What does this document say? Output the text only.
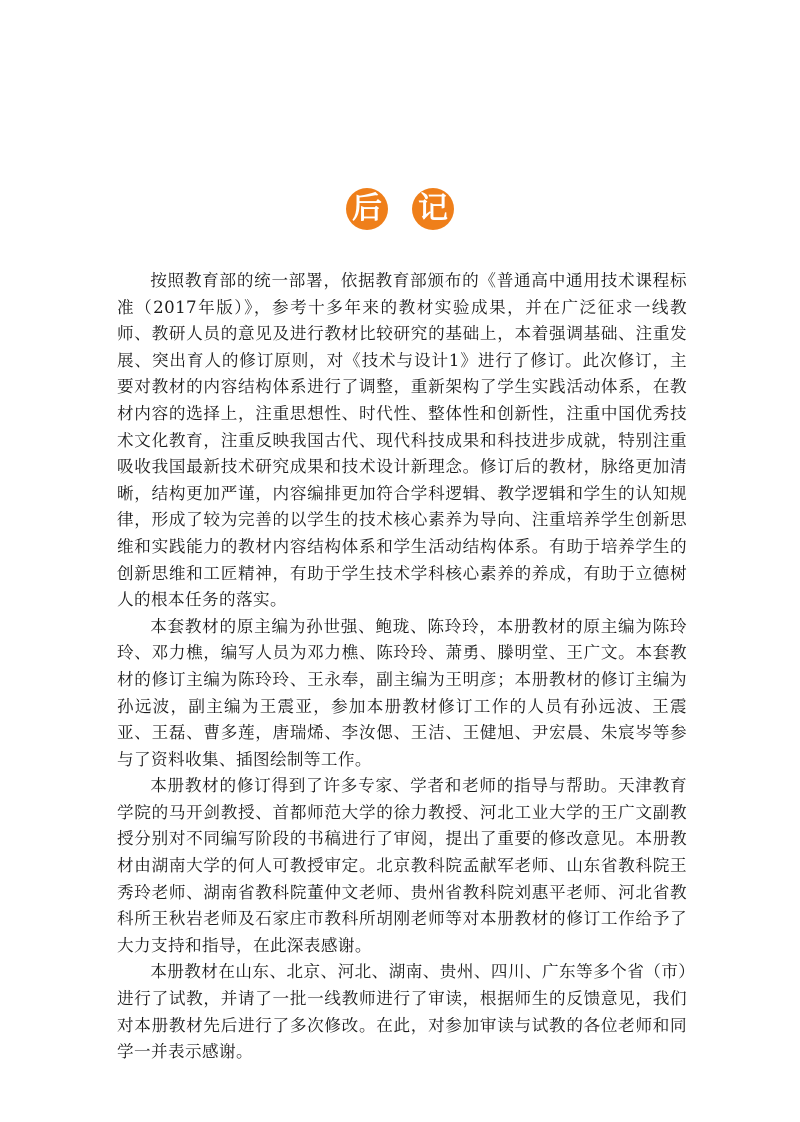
后 记

按照教育部的统一部署，依据教育部颁布的《普通高中通用技术课程标准（2017年版）》，参考十多年来的教材实验成果，并在广泛征求一线教师、教研人员的意见及进行教材比较研究的基础上，本着强调基础、注重发展、突出育人的修订原则，对《技术与设计1》进行了修订。此次修订，主要对教材的内容结构体系进行了调整，重新架构了学生实践活动体系，在教材内容的选择上，注重思想性、时代性、整体性和创新性，注重中国优秀技术文化教育，注重反映我国古代、现代科技成果和科技进步成就，特别注重吸收我国最新技术研究成果和技术设计新理念。修订后的教材，脉络更加清晰，结构更加严谨，内容编排更加符合学科逻辑、教学逻辑和学生的认知规律，形成了较为完善的以学生的技术核心素养为导向、注重培养学生创新思维和实践能力的教材内容结构体系和学生活动结构体系。有助于培养学生的创新思维和工匠精神，有助于学生技术学科核心素养的养成，有助于立德树人的根本任务的落实。

本套教材的原主编为孙世强、鲍珑、陈玲玲，本册教材的原主编为陈玲玲、邓力樵，编写人员为邓力樵、陈玲玲、萧勇、滕明堂、王广文。本套教材的修订主编为陈玲玲、王永奉，副主编为王明彦；本册教材的修订主编为孙远波，副主编为王震亚，参加本册教材修订工作的人员有孙远波、王震亚、王磊、曹多莲，唐瑞烯、李汝偲、王洁、王健旭、尹宏晨、朱宸岑等参与了资料收集、插图绘制等工作。

本册教材的修订得到了许多专家、学者和老师的指导与帮助。天津教育学院的马开剑教授、首都师范大学的徐力教授、河北工业大学的王广文副教授分别对不同编写阶段的书稿进行了审阅，提出了重要的修改意见。本册教材由湖南大学的何人可教授审定。北京教科院孟献军老师、山东省教科院王秀玲老师、湖南省教科院董仲文老师、贵州省教科院刘惠平老师、河北省教科所王秋岩老师及石家庄市教科所胡刚老师等对本册教材的修订工作给予了大力支持和指导，在此深表感谢。

本册教材在山东、北京、河北、湖南、贵州、四川、广东等多个省（市）进行了试教，并请了一批一线教师进行了审读，根据师生的反馈意见，我们对本册教材先后进行了多次修改。在此，对参加审读与试教的各位老师和同学一并表示感谢。
